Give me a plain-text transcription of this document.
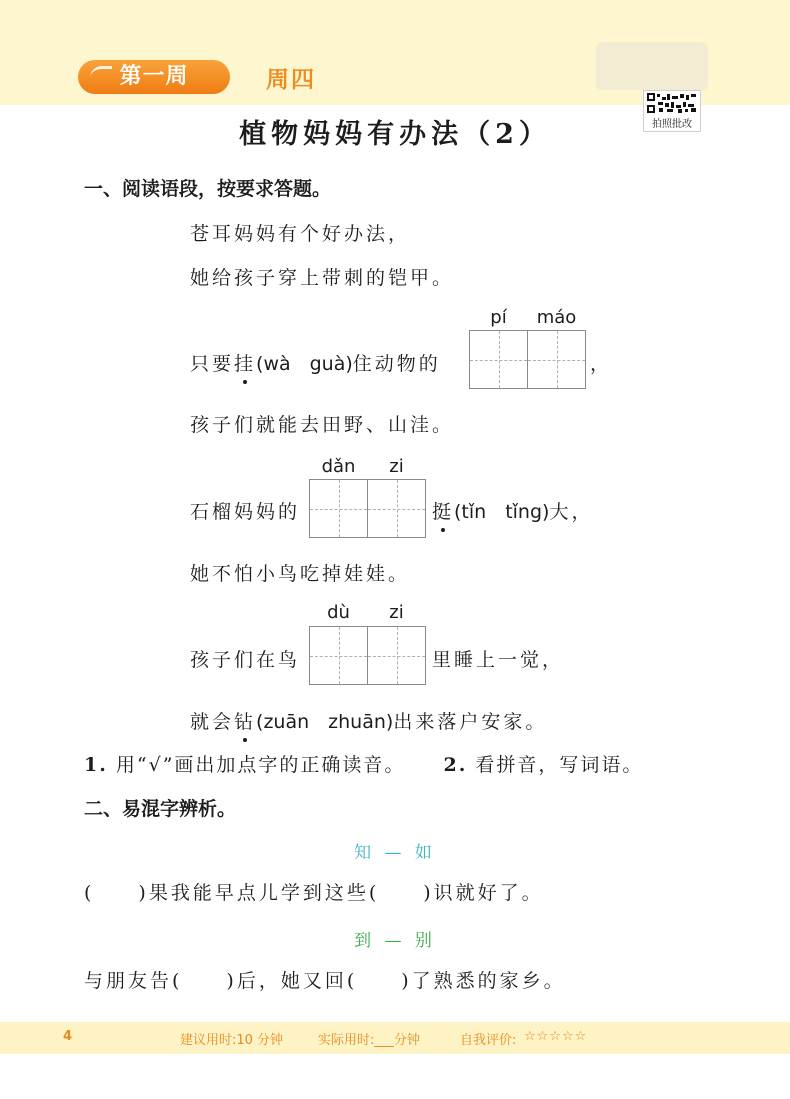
第一周	周四
拍照批改
植物妈妈有办法（2）
一、阅读语段，按要求答题。
苍耳妈妈有个好办法，
她给孩子穿上带刺的铠甲。
pí	máo
只要挂(wà　guà)住动物的	，
孩子们就能去田野、山洼。
dǎn	zi
石榴妈妈的	挺(tǐn　tǐng)大，
她不怕小鸟吃掉娃娃。
dù	zi
孩子们在鸟	里睡上一觉，
就会钻(zuān　zhuān)出来落户安家。
1. 用“√”画出加点字的正确读音。 2. 看拼音，写词语。
二、易混字辨析。
知 — 如
(　　)果我能早点儿学到这些(　　)识就好了。
到 — 别
与朋友告(　　)后，她又回(　　)了熟悉的家乡。
4	建议用时:10 分钟	实际用时:___分钟	自我评价: ☆☆☆☆☆
